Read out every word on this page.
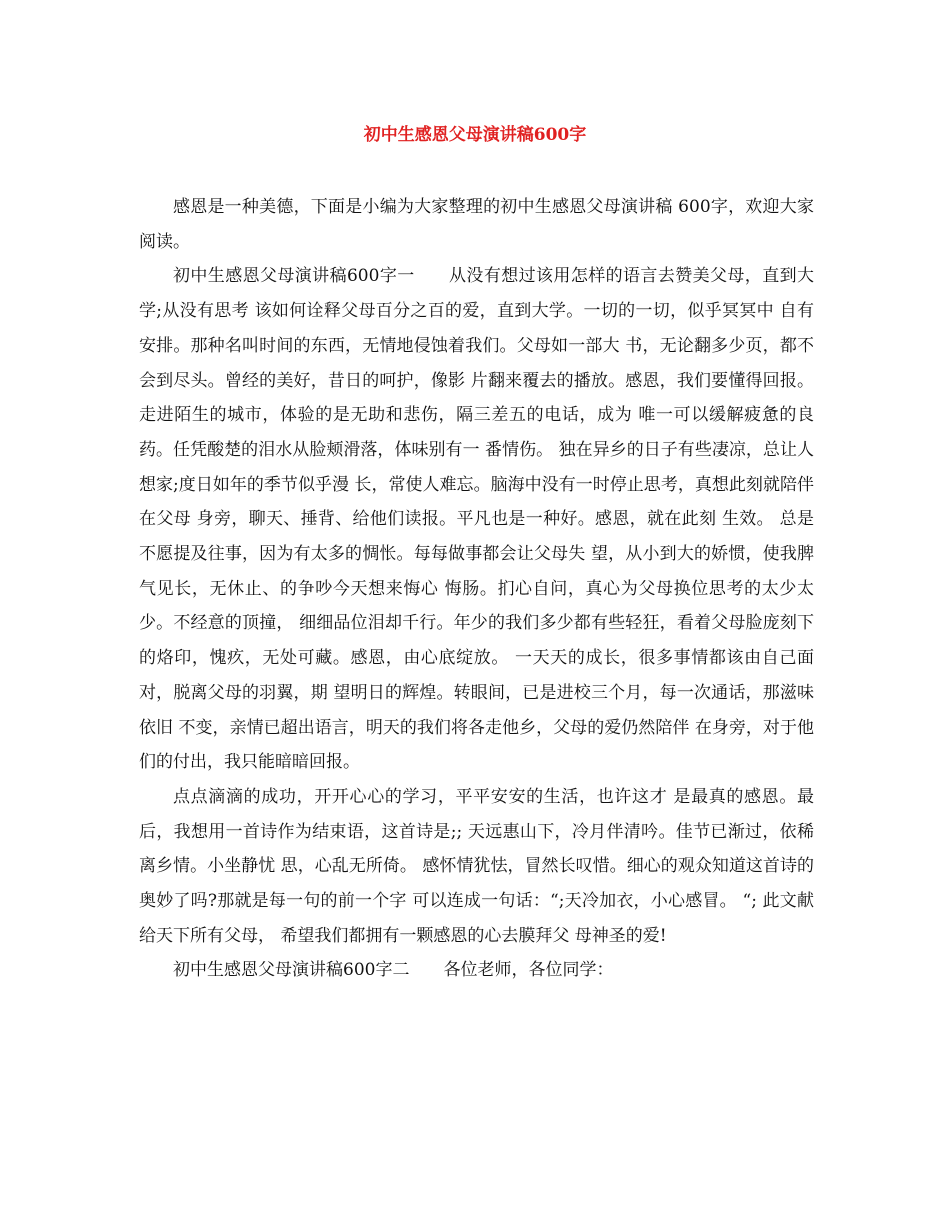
初中生感恩父母演讲稿600字

感恩是一种美德，下面是小编为大家整理的初中生感恩父母演讲稿 600字，欢迎大家阅读。

初中生感恩父母演讲稿600字一 从没有想过该用怎样的语言去赞美父母，直到大学;从没有思考 该如何诠释父母百分之百的爱，直到大学。一切的一切，似乎冥冥中 自有安排。那种名叫时间的东西，无情地侵蚀着我们。父母如一部大 书，无论翻多少页，都不会到尽头。曾经的美好，昔日的呵护，像影 片翻来覆去的播放。感恩，我们要懂得回报。 走进陌生的城市，体验的是无助和悲伤，隔三差五的电话，成为 唯一可以缓解疲惫的良药。任凭酸楚的泪水从脸颊滑落，体味别有一 番情伤。 独在异乡的日子有些凄凉，总让人想家;度日如年的季节似乎漫 长，常使人难忘。脑海中没有一时停止思考，真想此刻就陪伴在父母 身旁，聊天、捶背、给他们读报。平凡也是一种好。感恩，就在此刻 生效。 总是不愿提及往事，因为有太多的惆怅。每每做事都会让父母失 望，从小到大的娇惯，使我脾气见长，无休止、的争吵今天想来悔心 悔肠。扪心自问，真心为父母换位思考的太少太少。不经意的顶撞， 细细品位泪却千行。年少的我们多少都有些轻狂，看着父母脸庞刻下 的烙印，愧疚，无处可藏。感恩，由心底绽放。 一天天的成长，很多事情都该由自己面对，脱离父母的羽翼，期 望明日的辉煌。转眼间，已是进校三个月，每一次通话，那滋味依旧 不变，亲情已超出语言，明天的我们将各走他乡，父母的爱仍然陪伴 在身旁，对于他们的付出，我只能暗暗回报。

点点滴滴的成功，开开心心的学习，平平安安的生活，也许这才 是最真的感恩。最后，我想用一首诗作为结束语，这首诗是;; 天远惠山下，冷月伴清吟。佳节已渐过，依稀离乡情。小坐静忧 思，心乱无所倚。 感怀情犹怯，冒然长叹惜。细心的观众知道这首诗的奥妙了吗?那就是每一句的前一个字 可以连成一句话：“;天冷加衣，小心感冒。 “; 此文献给天下所有父母， 希望我们都拥有一颗感恩的心去膜拜父 母神圣的爱!

初中生感恩父母演讲稿600字二 各位老师，各位同学：
